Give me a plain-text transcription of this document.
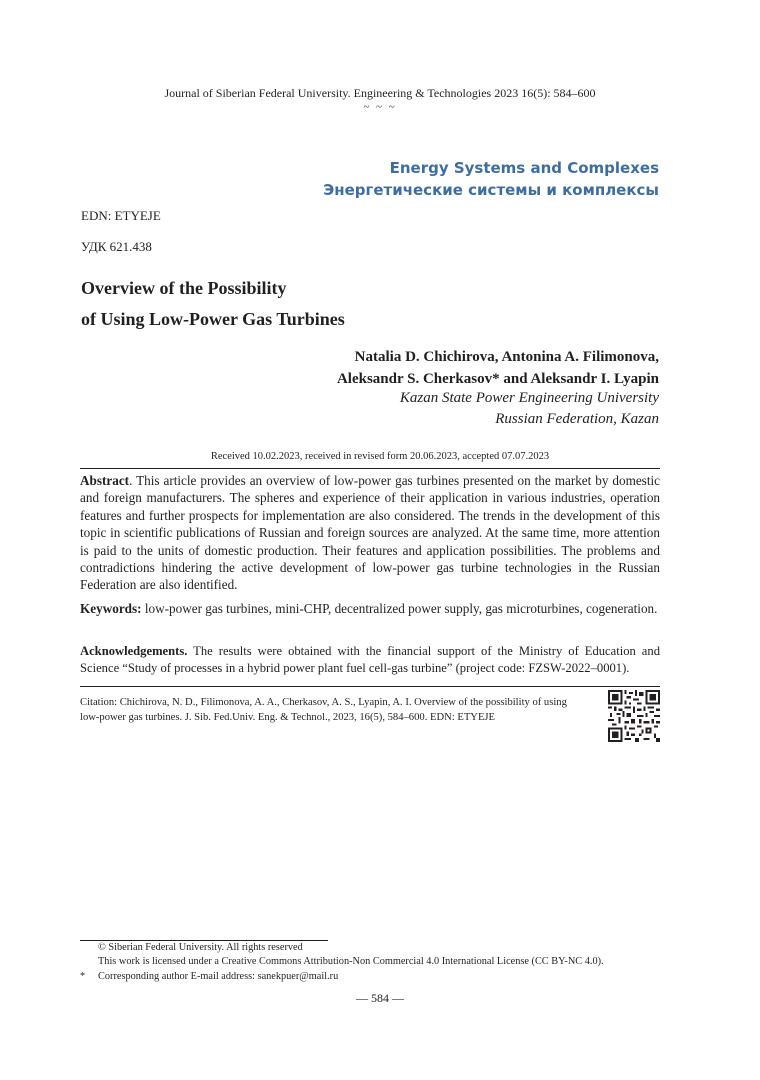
Journal of Siberian Federal University. Engineering & Technologies 2023 16(5): 584–600
~ ~ ~
Energy Systems and Complexes
Энергетические системы и комплексы
EDN: ETYEJE
УДК 621.438
Overview of the Possibility
of Using Low-Power Gas Turbines
Natalia D. Chichirova, Antonina A. Filimonova,
Aleksandr S. Cherkasov* and Aleksandr I. Lyapin
Kazan State Power Engineering University
Russian Federation, Kazan
Received 10.02.2023, received in revised form 20.06.2023, accepted 07.07.2023
Abstract. This article provides an overview of low-power gas turbines presented on the market by domestic and foreign manufacturers. The spheres and experience of their application in various industries, operation features and further prospects for implementation are also considered. The trends in the development of this topic in scientific publications of Russian and foreign sources are analyzed. At the same time, more attention is paid to the units of domestic production. Their features and application possibilities. The problems and contradictions hindering the active development of low-power gas turbine technologies in the Russian Federation are also identified.
Keywords: low-power gas turbines, mini-CHP, decentralized power supply, gas microturbines, cogeneration.
Acknowledgements. The results were obtained with the financial support of the Ministry of Education and Science “Study of processes in a hybrid power plant fuel cell-gas turbine” (project code: FZSW-2022–0001).
Citation: Chichirova, N. D., Filimonova, A. A., Cherkasov, A. S., Lyapin, A. I. Overview of the possibility of using
low-power gas turbines. J. Sib. Fed.Univ. Eng. & Technol., 2023, 16(5), 584–600. EDN: ETYEJE
© Siberian Federal University. All rights reserved
This work is licensed under a Creative Commons Attribution-Non Commercial 4.0 International License (CC BY-NC 4.0).
* Corresponding author E-mail address: sanekpuer@mail.ru
— 584 —
